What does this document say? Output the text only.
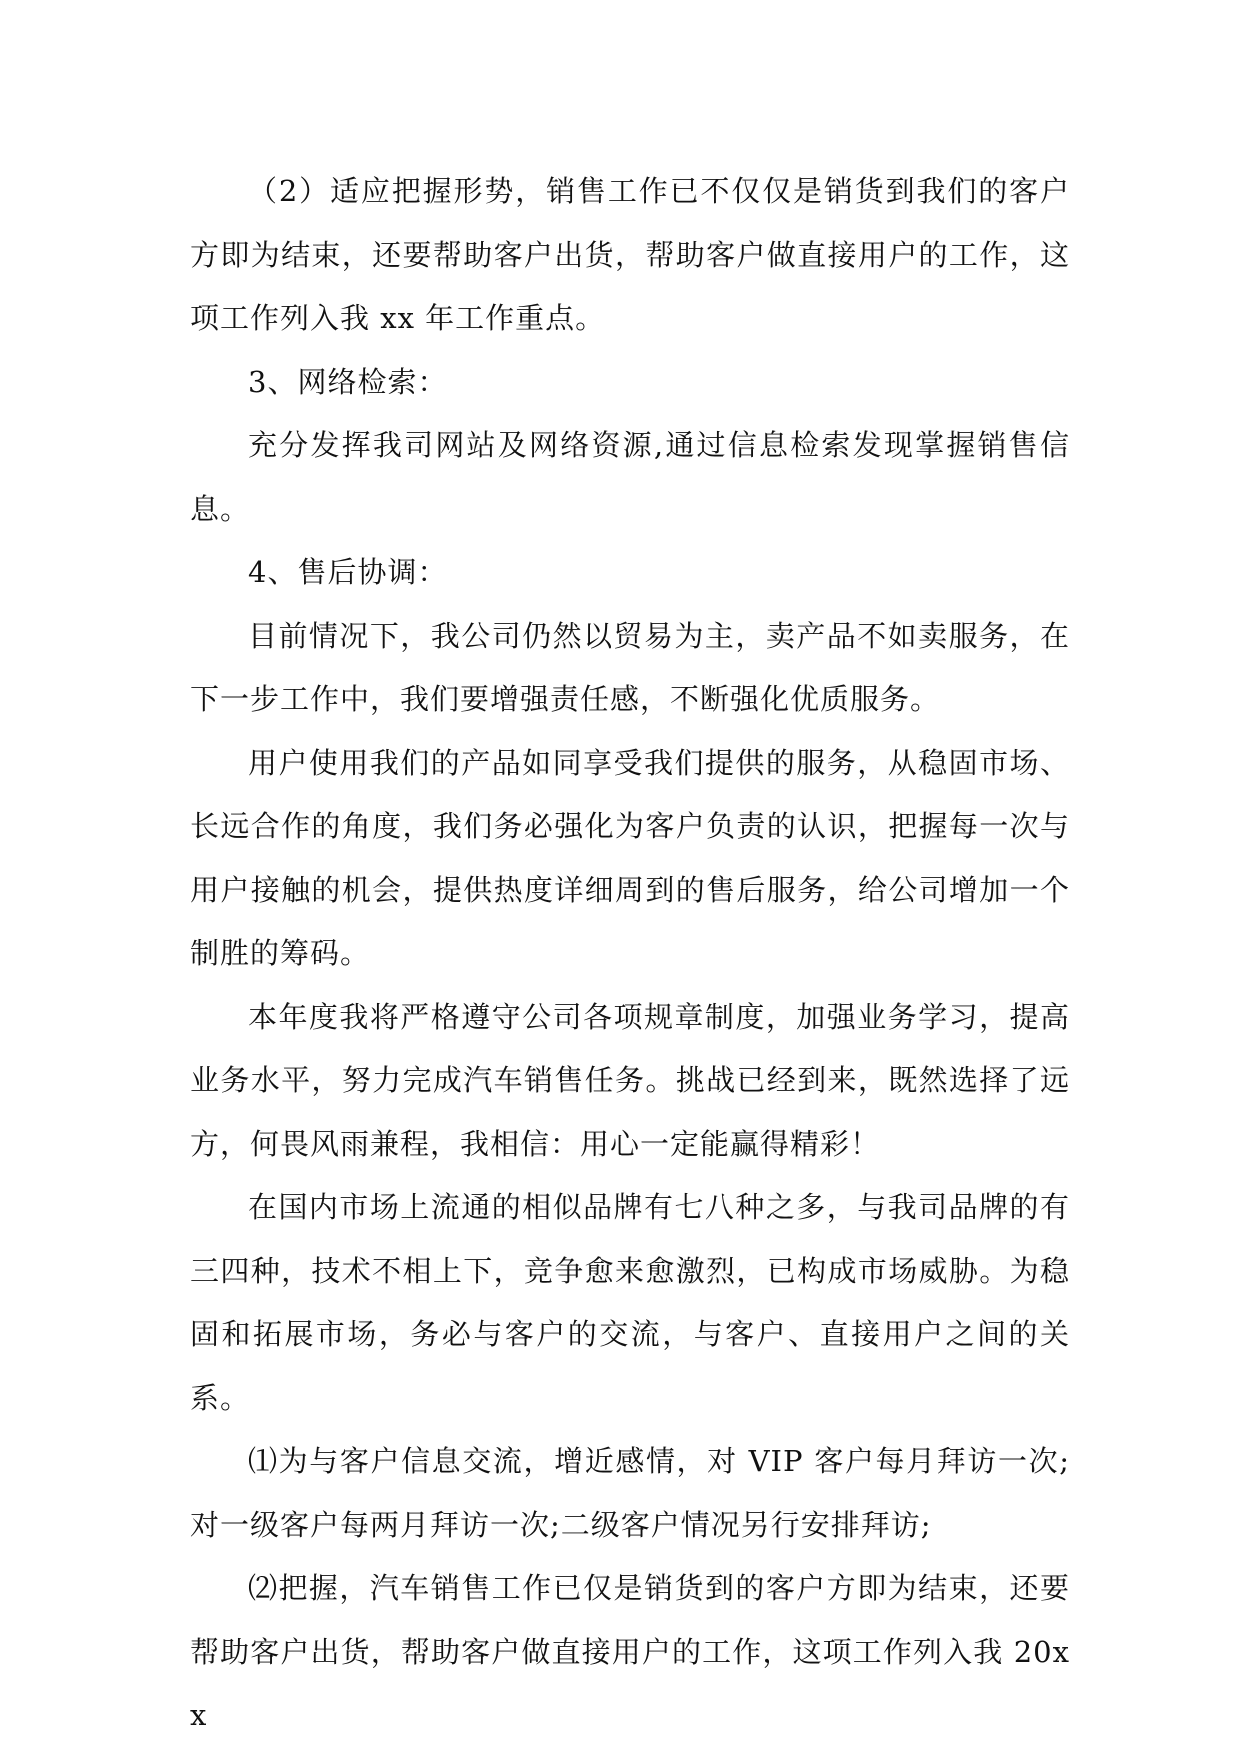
（2）适应把握形势，销售工作已不仅仅是销货到我们的客户方即为结束，还要帮助客户出货，帮助客户做直接用户的工作，这项工作列入我 xx 年工作重点。

3、网络检索：

充分发挥我司网站及网络资源,通过信息检索发现掌握销售信息。

4、售后协调：

目前情况下，我公司仍然以贸易为主，卖产品不如卖服务，在下一步工作中，我们要增强责任感，不断强化优质服务。

用户使用我们的产品如同享受我们提供的服务，从稳固市场、长远合作的角度，我们务必强化为客户负责的认识，把握每一次与用户接触的机会，提供热度详细周到的售后服务，给公司增加一个制胜的筹码。

本年度我将严格遵守公司各项规章制度，加强业务学习，提高业务水平，努力完成汽车销售任务。挑战已经到来，既然选择了远方，何畏风雨兼程，我相信：用心一定能赢得精彩！

在国内市场上流通的相似品牌有七八种之多，与我司品牌的有三四种，技术不相上下，竞争愈来愈激烈，已构成市场威胁。为稳固和拓展市场，务必与客户的交流，与客户、直接用户之间的关系。

⑴为与客户信息交流，增近感情，对 VIP 客户每月拜访一次;对一级客户每两月拜访一次;二级客户情况另行安排拜访;

⑵把握，汽车销售工作已仅是销货到的客户方即为结束，还要帮助客户出货，帮助客户做直接用户的工作，这项工作列入我 20xx
